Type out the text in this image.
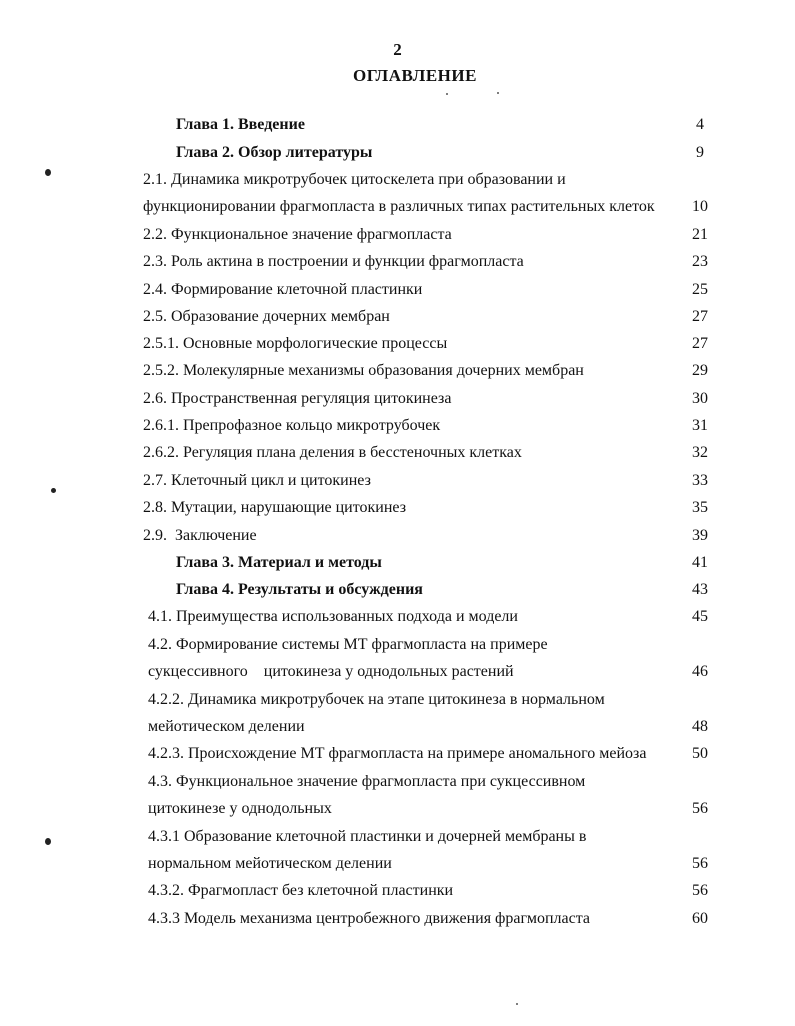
2
ОГЛАВЛЕНИЕ
Глава 1. Введение	4
Глава 2. Обзор литературы	9
2.1. Динамика микротрубочек цитоскелета при образовании и
функционировании фрагмопласта в различных типах растительных клеток	10
2.2. Функциональное значение фрагмопласта	21
2.3. Роль актина в построении и функции фрагмопласта	23
2.4. Формирование клеточной пластинки	25
2.5. Образование дочерних мембран	27
2.5.1. Основные морфологические процессы	27
2.5.2. Молекулярные механизмы образования дочерних мембран	29
2.6. Пространственная регуляция цитокинеза	30
2.6.1. Препрофазное кольцо микротрубочек	31
2.6.2. Регуляция плана деления в бесстеночных клетках	32
2.7. Клеточный цикл и цитокинез	33
2.8. Мутации, нарушающие цитокинез	35
2.9.  Заключение	39
Глава 3. Материал и методы	41
Глава 4. Результаты и обсуждения	43
4.1. Преимущества использованных подхода и модели	45
4.2. Формирование системы МТ фрагмопласта на примере
сукцессивного    цитокинеза у однодольных растений	46
4.2.2. Динамика микротрубочек на этапе цитокинеза в нормальном
мейотическом делении	48
4.2.3. Происхождение МТ фрагмопласта на примере аномального мейоза	50
4.3. Функциональное значение фрагмопласта при сукцессивном
цитокинезе у однодольных	56
4.3.1 Образование клеточной пластинки и дочерней мембраны в
нормальном мейотическом делении	56
4.3.2. Фрагмопласт без клеточной пластинки	56
4.3.3 Модель механизма центробежного движения фрагмопласта	60
